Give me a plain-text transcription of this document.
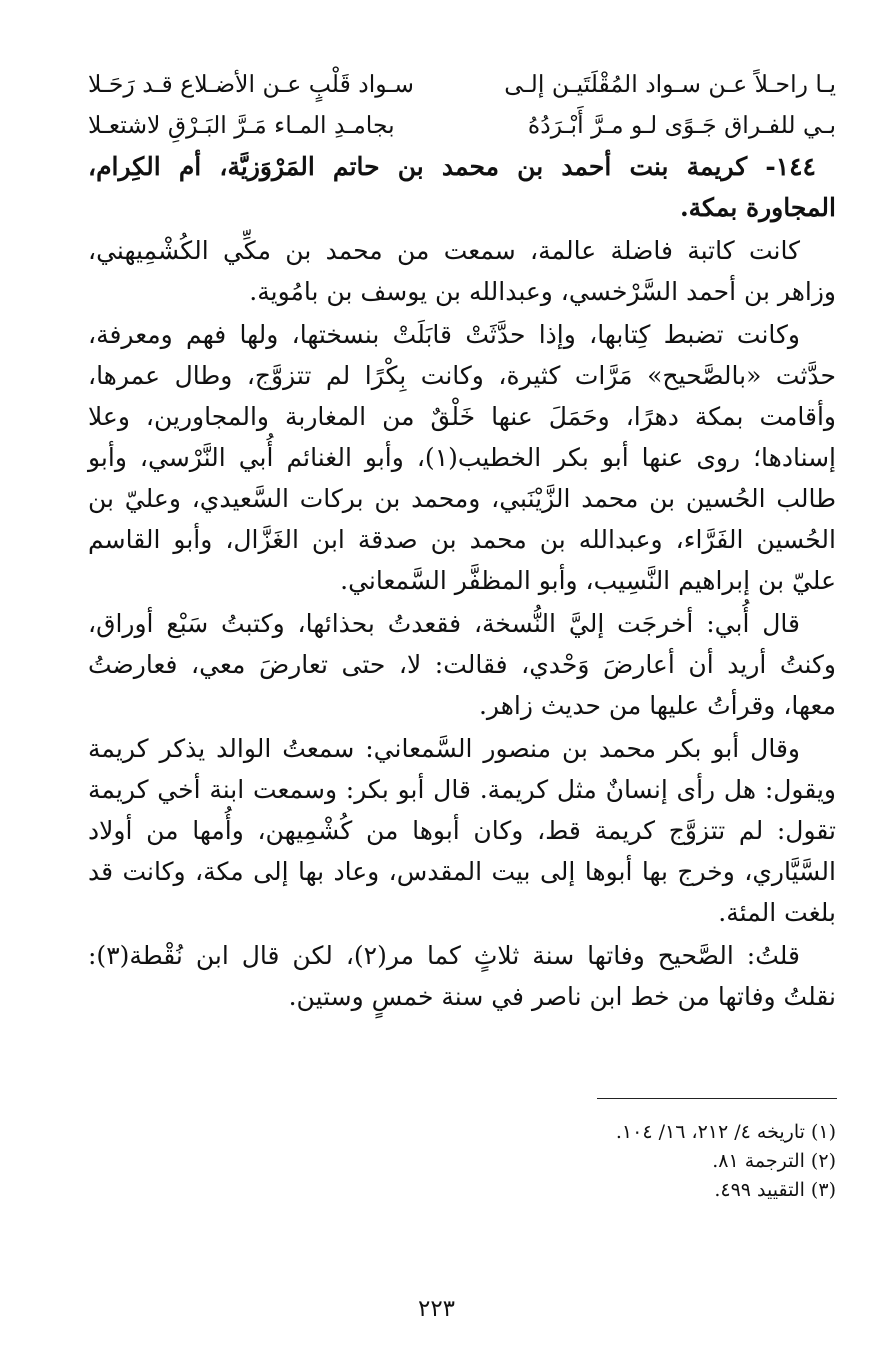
يـا راحـلاً عـن سـواد المُقْلَتَيـن إلـى
سـواد قَلْبٍ عـن الأضـلاع قـد رَحَـلا
بـي للفـراق جَـوًى لـو مـرَّ أَبْـرَدُهُ
بجامـدِ المـاء مَـرَّ البَـرْقِ لاشتعـلا
١٤٤- كريمة بنت أحمد بن محمد بن حاتم المَرْوَزيَّة، أم الكِرام، المجاورة بمكة.
كانت كاتبة فاضلة عالمة، سمعت من محمد بن مكِّي الكُشْمِيهني، وزاهر بن أحمد السَّرْخسي، وعبدالله بن يوسف بن بامُوية.
وكانت تضبط كِتابها، وإذا حدَّثَتْ قابَلَتْ بنسختها، ولها فهم ومعرفة، حدَّثت «بالصَّحيح» مَرَّات كثيرة، وكانت بِكْرًا لم تتزوَّج، وطال عمرها، وأقامت بمكة دهرًا، وحَمَلَ عنها خَلْقٌ من المغاربة والمجاورين، وعلا إسنادها؛ روى عنها أبو بكر الخطيب(١)، وأبو الغنائم أُبي النَّرْسي، وأبو طالب الحُسين بن محمد الزَّيْنَبي، ومحمد بن بركات السَّعيدي، وعليّ بن الحُسين الفَرَّاء، وعبدالله بن محمد بن صدقة ابن الغَزَّال، وأبو القاسم عليّ بن إبراهيم النَّسِيب، وأبو المظفَّر السَّمعاني.
قال أُبي: أخرجَت إليَّ النُّسخة، فقعدتُ بحذائها، وكتبتُ سَبْع أوراق، وكنتُ أريد أن أعارضَ وَحْدي، فقالت: لا، حتى تعارضَ معي، فعارضتُ معها، وقرأتُ عليها من حديث زاهر.
وقال أبو بكر محمد بن منصور السَّمعاني: سمعتُ الوالد يذكر كريمة ويقول: هل رأى إنسانٌ مثل كريمة. قال أبو بكر: وسمعت ابنة أخي كريمة تقول: لم تتزوَّج كريمة قط، وكان أبوها من كُشْمِيهن، وأُمها من أولاد السَّيَّاري، وخرج بها أبوها إلى بيت المقدس، وعاد بها إلى مكة، وكانت قد بلغت المئة.
قلتُ: الصَّحيح وفاتها سنة ثلاثٍ كما مر(٢)، لكن قال ابن نُقْطة(٣): نقلتُ وفاتها من خط ابن ناصر في سنة خمسٍ وستين.
(١) تاريخه ٤/ ٢١٢، ١٦/ ١٠٤.
(٢) الترجمة ٨١.
(٣) التقييد ٤٩٩.
٢٢٣
